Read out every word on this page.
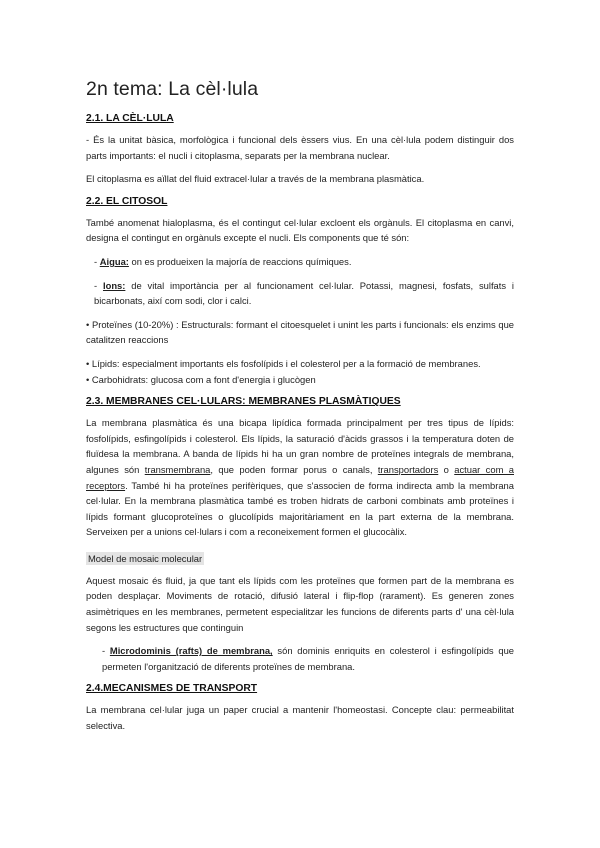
2n tema: La cèl·lula
2.1. LA CÈL·LULA

- És la unitat bàsica, morfològica i funcional dels èssers vius. En una cèl·lula podem distinguir dos parts importants: el nucli i citoplasma, separats per la membrana nuclear.

El citoplasma es aïllat del fluid extracel·lular a través de la membrana plasmàtica.

2.2. EL CITOSOL

També anomenat hialoplasma, és el contingut cel·lular excloent els orgànuls. El citoplasma en canvi, designa el contingut en orgànuls excepte el nucli. Els components que té són:

- Aigua: on es produeixen la majoría de reaccions químiques.

- Ions: de vital importància per al funcionament cel·lular. Potassi, magnesi, fosfats, sulfats i bicarbonats, així com sodi, clor i calci.

• Proteïnes (10-20%) : Estructurals: formant el citoesquelet i unint les parts i funcionals: els enzims que catalitzen reaccions

• Lípids: especialment importants els fosfolípids i el colesterol per a la formació de membranes.

• Carbohidrats: glucosa com a font d'energia i glucògen

2.3. MEMBRANES CEL·LULARS: MEMBRANES PLASMÀTIQUES

La membrana plasmàtica és una bicapa lipídica formada principalment per tres tipus de lípids: fosfolípids, esfingolípids i colesterol. Els lípids, la saturació d'àcids grassos i la temperatura doten de fluïdesa la membrana. A banda de lípids hi ha un gran nombre de proteïnes integrals de membrana, algunes són transmembrana, que poden formar porus o canals, transportadors o actuar com a receptors. També hi ha proteïnes perifèriques, que s'associen de forma indirecta amb la membrana cel·lular. En la membrana plasmàtica també es troben hidrats de carboni combinats amb proteïnes i lípids formant glucoproteïnes o glucolípids majoritàriament en la part externa de la membrana. Serveixen per a unions cel·lulars i com a reconeixement formen el glucocàlix.

Model de mosaic molecular

Aquest mosaic és fluid, ja que tant els lípids com les proteïnes que formen part de la membrana es poden desplaçar. Moviments de rotació, difusió lateral i flip-flop (rarament). Es generen zones asimètriques en les membranes, permetent especialitzar les funcions de diferents parts d' una cèl·lula segons les estructures que continguin

- Microdominis (rafts) de membrana, són dominis enriquits en colesterol i esfingolípids que permeten l'organització de diferents proteïnes de membrana.

2.4.MECANISMES DE TRANSPORT

La membrana cel·lular juga un paper crucial a mantenir l'homeostasi. Concepte clau: permeabilitat selectiva.
